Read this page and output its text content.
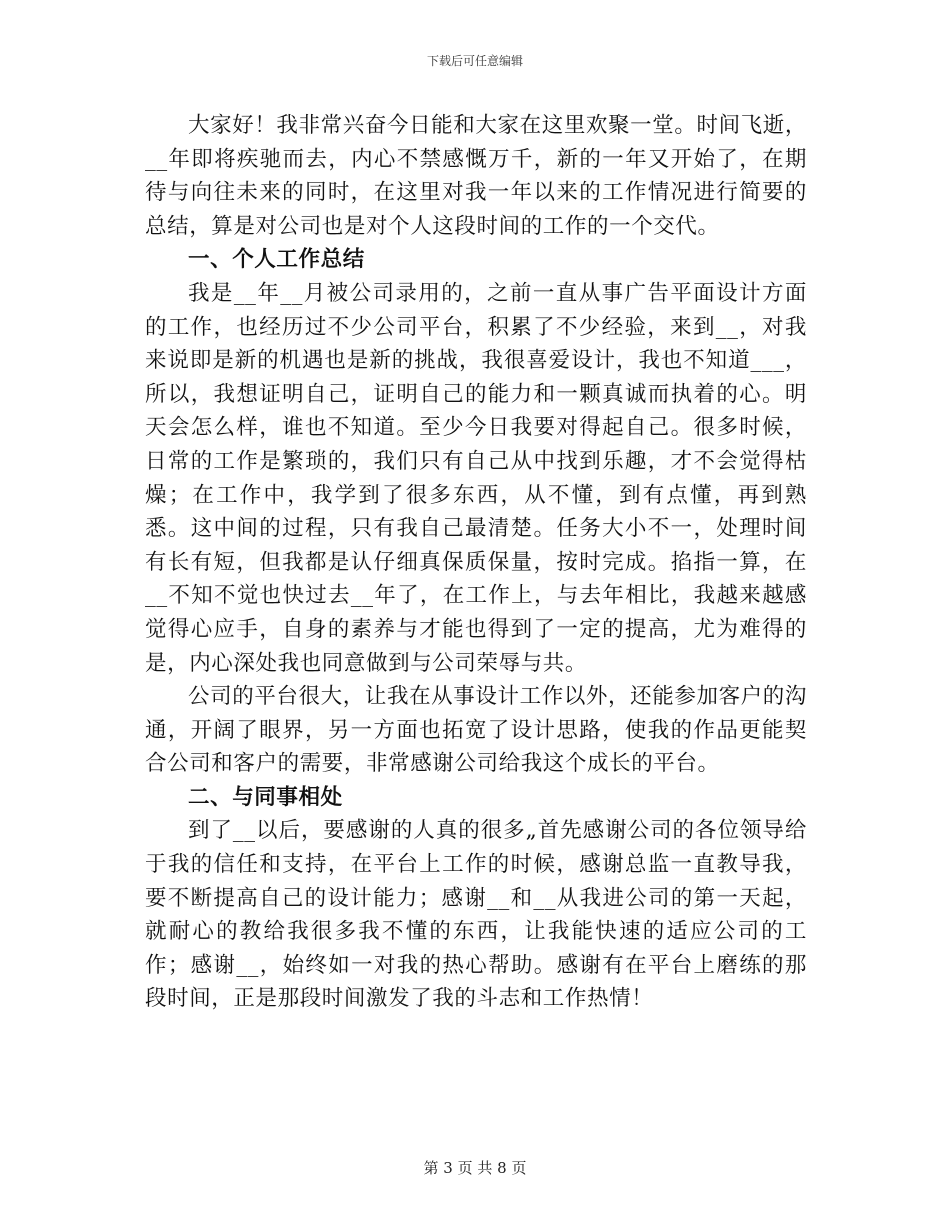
下载后可任意编辑

大家好！我非常兴奋今日能和大家在这里欢聚一堂。时间飞逝，__年即将疾驰而去，内心不禁感慨万千，新的一年又开始了，在期待与向往未来的同时，在这里对我一年以来的工作情况进行简要的总结，算是对公司也是对个人这段时间的工作的一个交代。

一、个人工作总结

我是__年__月被公司录用的，之前一直从事广告平面设计方面的工作，也经历过不少公司平台，积累了不少经验，来到__，对我来说即是新的机遇也是新的挑战，我很喜爱设计，我也不知道___，所以，我想证明自己，证明自己的能力和一颗真诚而执着的心。明天会怎么样，谁也不知道。至少今日我要对得起自己。很多时候，日常的工作是繁琐的，我们只有自己从中找到乐趣，才不会觉得枯燥；在工作中，我学到了很多东西，从不懂，到有点懂，再到熟悉。这中间的过程，只有我自己最清楚。任务大小不一，处理时间有长有短，但我都是认仔细真保质保量，按时完成。掐指一算，在__不知不觉也快过去__年了，在工作上，与去年相比，我越来越感觉得心应手，自身的素养与才能也得到了一定的提高，尤为难得的是，内心深处我也同意做到与公司荣辱与共。

公司的平台很大，让我在从事设计工作以外，还能参加客户的沟通，开阔了眼界，另一方面也拓宽了设计思路，使我的作品更能契合公司和客户的需要，非常感谢公司给我这个成长的平台。

二、与同事相处

到了__以后，要感谢的人真的很多„首先感谢公司的各位领导给于我的信任和支持，在平台上工作的时候，感谢总监一直教导我，要不断提高自己的设计能力；感谢__和__从我进公司的第一天起，就耐心的教给我很多我不懂的东西，让我能快速的适应公司的工作；感谢__，始终如一对我的热心帮助。感谢有在平台上磨练的那段时间，正是那段时间激发了我的斗志和工作热情！

第 3 页 共 8 页
